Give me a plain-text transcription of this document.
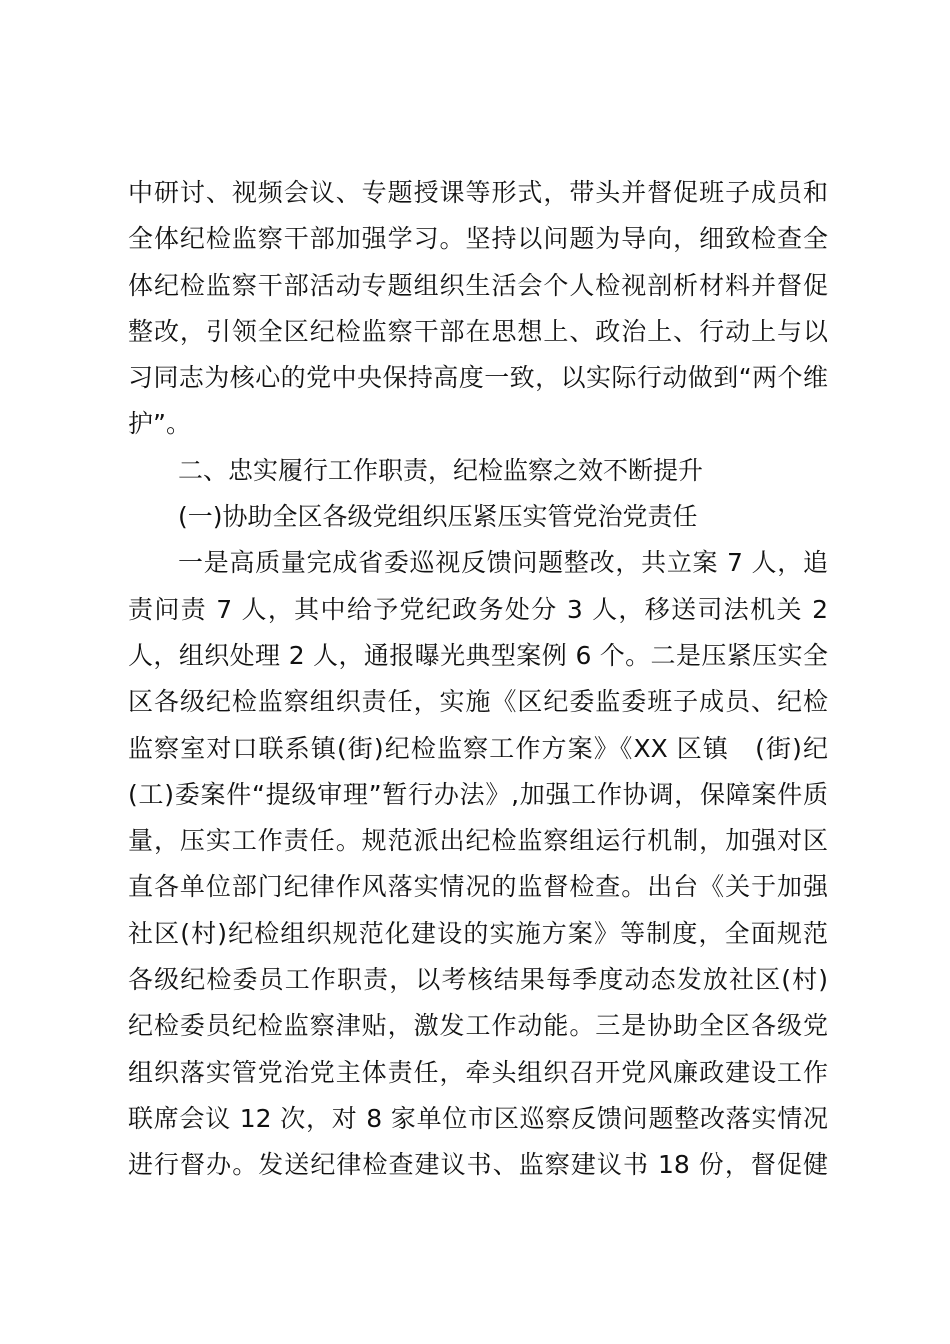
中研讨、视频会议、专题授课等形式，带头并督促班子成员和
全体纪检监察干部加强学习。坚持以问题为导向，细致检查全
体纪检监察干部活动专题组织生活会个人检视剖析材料并督促
整改，引领全区纪检监察干部在思想上、政治上、行动上与以
习同志为核心的党中央保持高度一致，以实际行动做到“两个维
护”。
二、忠实履行工作职责，纪检监察之效不断提升
(一)协助全区各级党组织压紧压实管党治党责任
一是高质量完成省委巡视反馈问题整改，共立案 7 人，追
责问责 7 人，其中给予党纪政务处分 3 人，移送司法机关 2
人，组织处理 2 人，通报曝光典型案例 6 个。二是压紧压实全
区各级纪检监察组织责任，实施《区纪委监委班子成员、纪检
监察室对口联系镇(街)纪检监察工作方案》《XX 区镇　(街)纪
(工)委案件“提级审理”暂行办法》,加强工作协调，保障案件质
量，压实工作责任。规范派出纪检监察组运行机制，加强对区
直各单位部门纪律作风落实情况的监督检查。出台《关于加强
社区(村)纪检组织规范化建设的实施方案》等制度，全面规范
各级纪检委员工作职责，以考核结果每季度动态发放社区(村)
纪检委员纪检监察津贴，激发工作动能。三是协助全区各级党
组织落实管党治党主体责任，牵头组织召开党风廉政建设工作
联席会议 12 次，对 8 家单位市区巡察反馈问题整改落实情况
进行督办。发送纪律检查建议书、监察建议书 18 份，督促健
